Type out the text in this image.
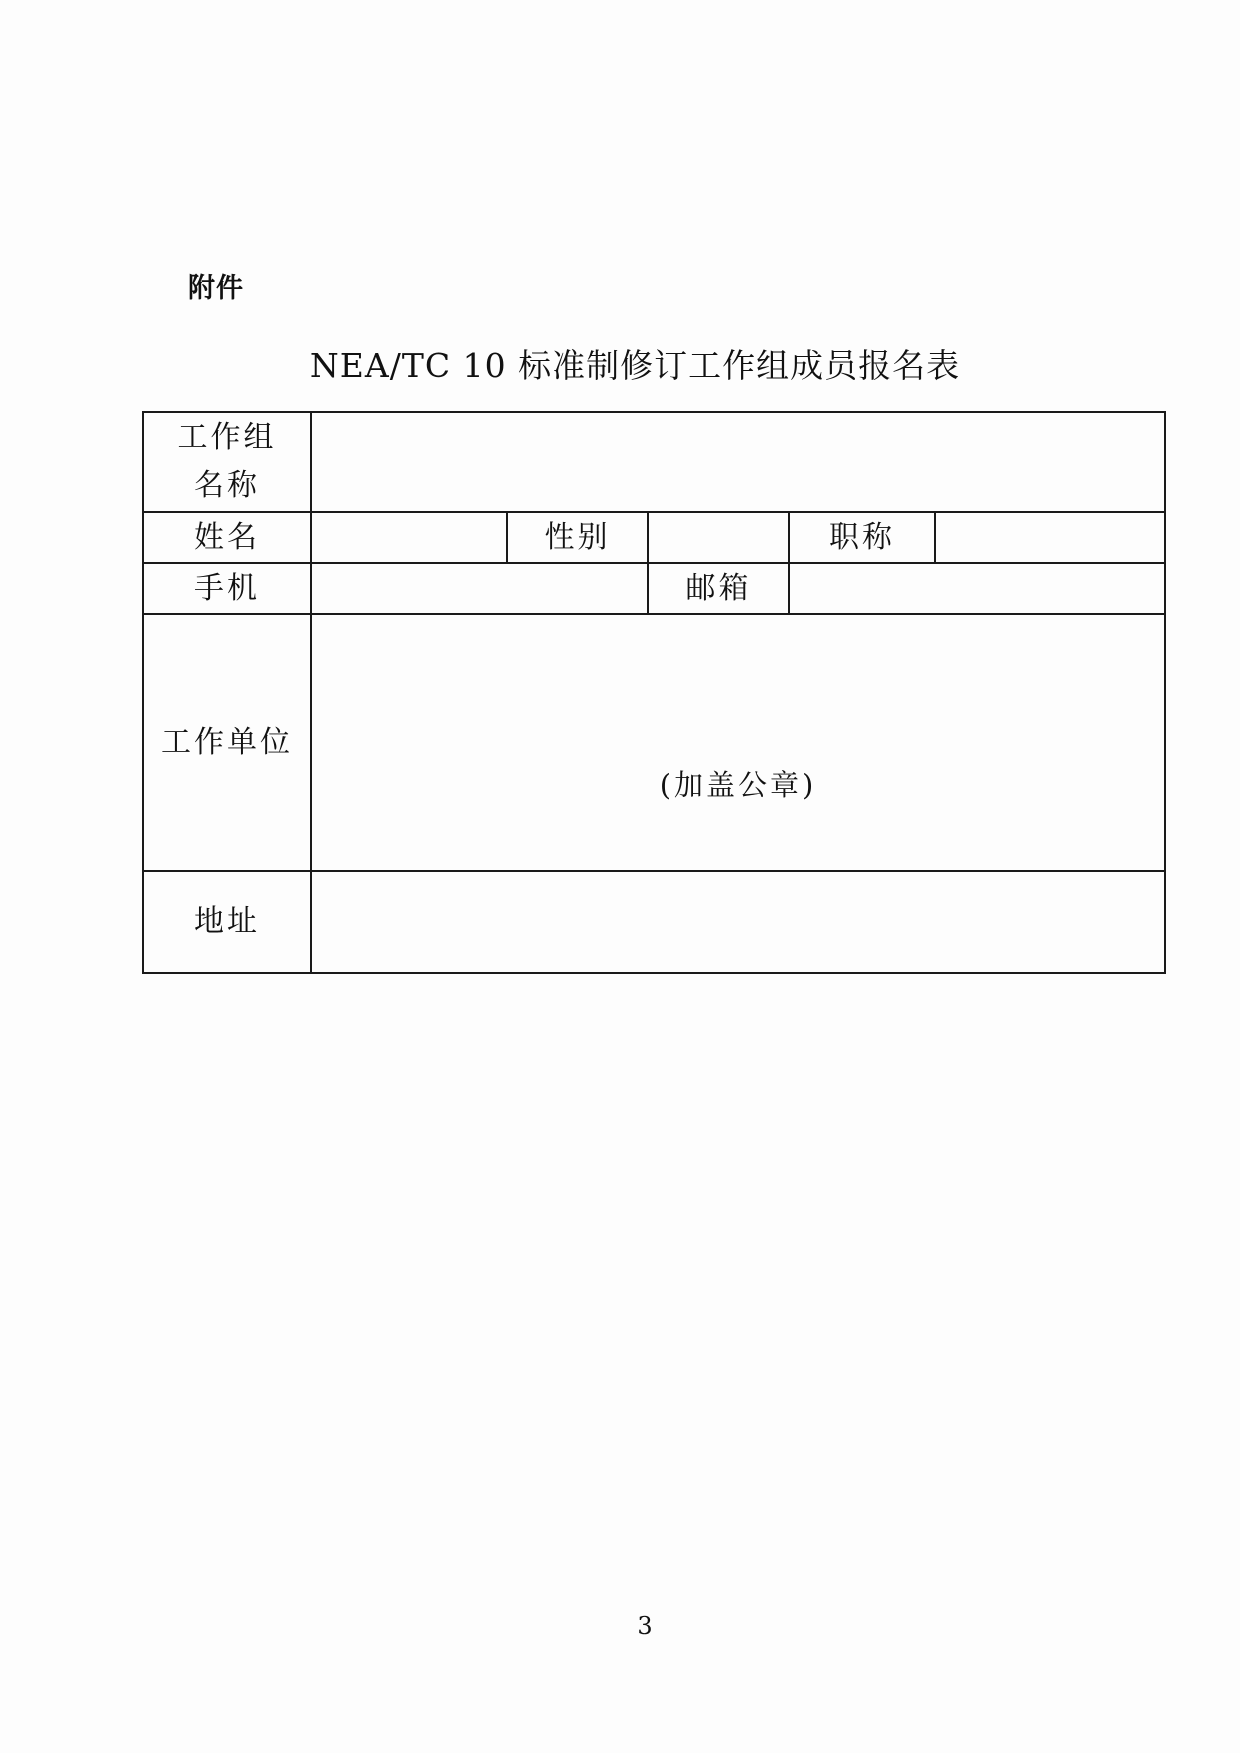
附件
NEA/TC 10 标准制修订工作组成员报名表
工作组
名称					

姓名		性别		职称	
手机			邮箱		
工作单位	(加盖公章)				

地址					
3
